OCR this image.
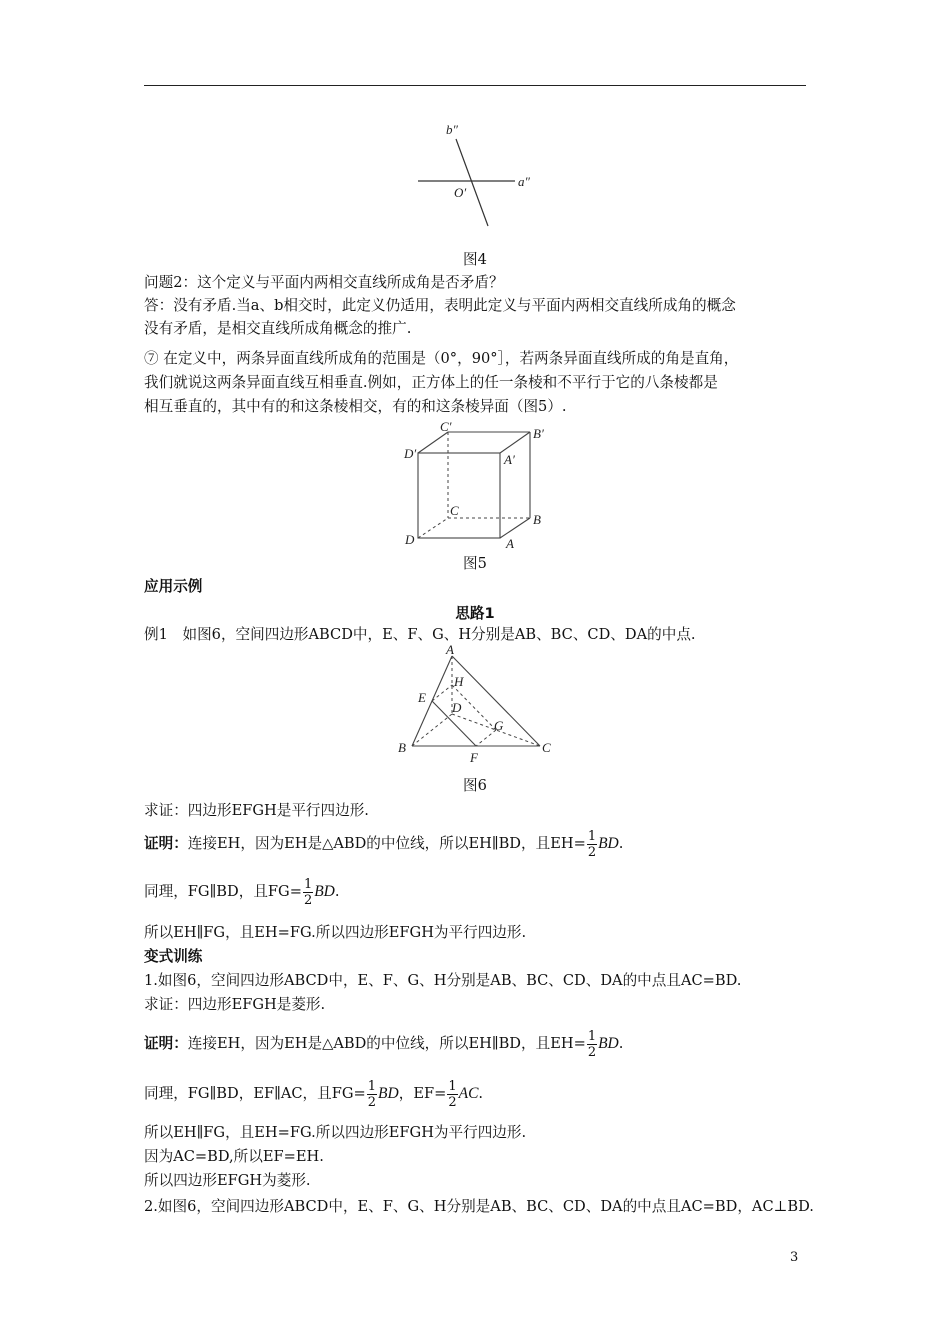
b″
a″
O′
图4
问题2：这个定义与平面内两相交直线所成角是否矛盾？
答：没有矛盾.当a、b相交时，此定义仍适用，表明此定义与平面内两相交直线所成角的概念
没有矛盾，是相交直线所成角概念的推广.
⑦ 在定义中，两条异面直线所成角的范围是（0°，90°］，若两条异面直线所成的角是直角，
我们就说这两条异面直线互相垂直.例如，正方体上的任一条棱和不平行于它的八条棱都是
相互垂直的，其中有的和这条棱相交，有的和这条棱异面（图5）.
C′	B′
D′	A′
C
B
D	A
图5
应用示例
思路1
例1　如图6，空间四边形ABCD中，E、F、G、H分别是AB、BC、CD、DA的中点.
A
H
E
D
G
B
F
C
图6
求证：四边形EFGH是平行四边形.
证明：连接EH，因为EH是△ABD的中位线，所以EH∥BD，且$EH= \frac{1}{2}$ BD.
同理，FG∥BD，且$FG= \frac{1}{2}$ BD.
所以EH∥FG，且EH=FG.所以四边形EFGH为平行四边形.
变式训练
1.如图6，空间四边形ABCD中，E、F、G、H分别是AB、BC、CD、DA的中点且AC=BD.
求证：四边形EFGH是菱形.
证明：连接EH，因为EH是△ABD的中位线，所以EH∥BD，且$EH= \frac{1}{2}$ BD.
同理，FG∥BD，EF∥AC，且$FG= \frac{1}{2}$ BD，$EF= \frac{1}{2}$ AC.
所以EH∥FG，且EH=FG.所以四边形EFGH为平行四边形.
因为AC=BD,所以EF=EH.
所以四边形EFGH为菱形.
2.如图6，空间四边形ABCD中，E、F、G、H分别是AB、BC、CD、DA的中点且AC=BD，AC⊥BD.
3
